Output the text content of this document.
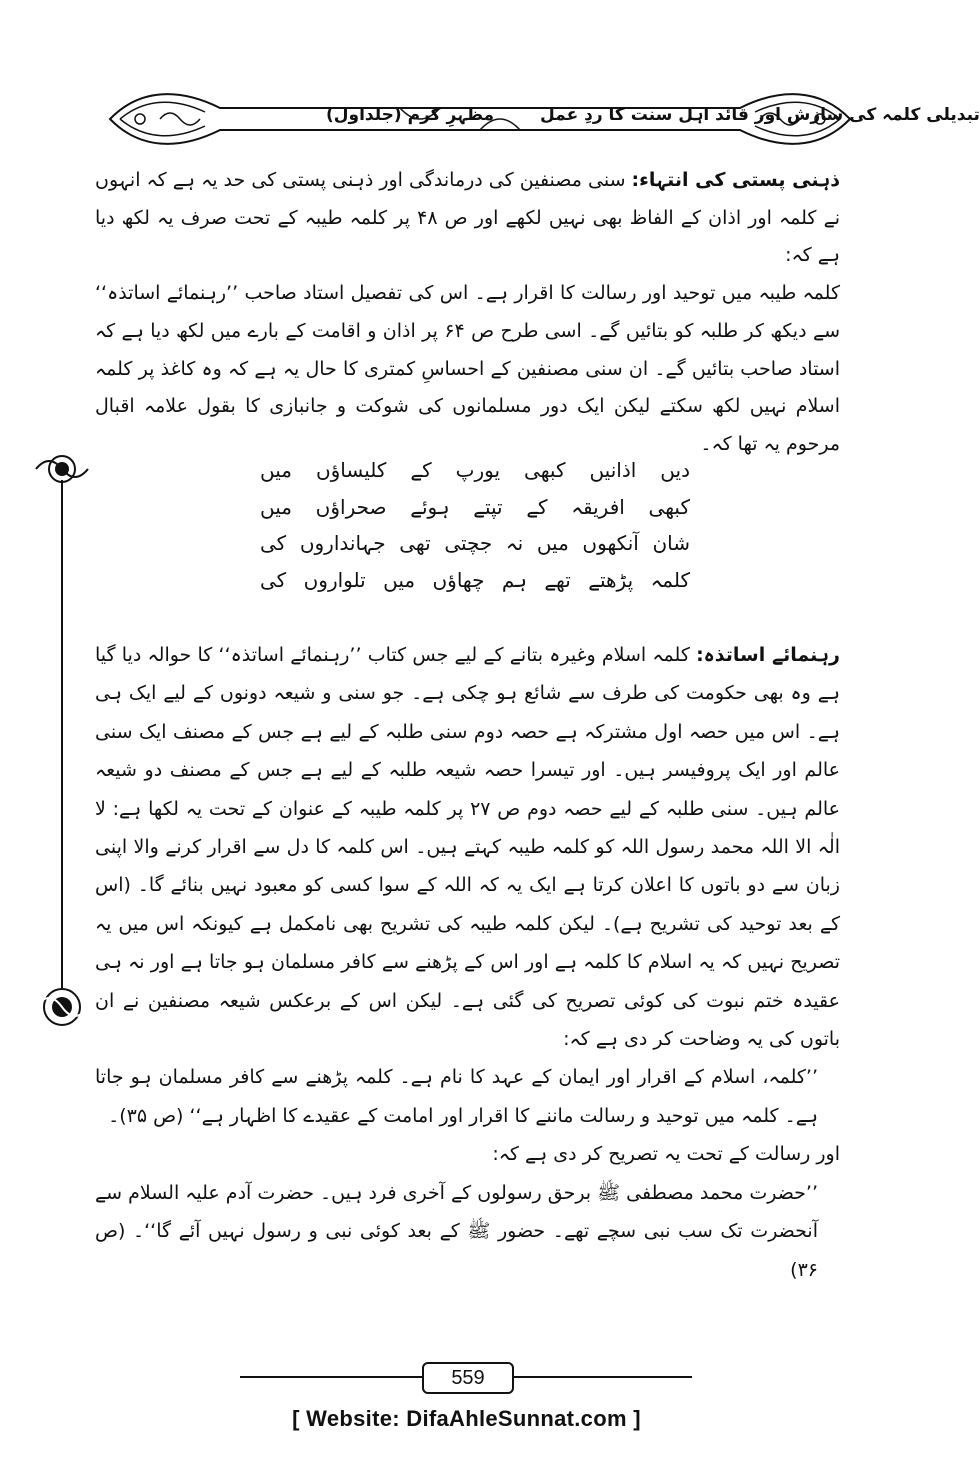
مظہرِ کرم (جلداول)	تبدیلی کلمہ کی سازش اور قائد اہل سنت کا ردِ عمل

ذہنی پستی کی انتہاء: سنی مصنفین کی درماندگی اور ذہنی پستی کی حد یہ ہے کہ انہوں نے کلمہ اور اذان کے الفاظ بھی نہیں لکھے اور ص ۴۸ پر کلمہ طیبہ کے تحت صرف یہ لکھ دیا ہے کہ:

کلمہ طیبہ میں توحید اور رسالت کا اقرار ہے۔ اس کی تفصیل استاد صاحب ’’رہنمائے اساتذہ‘‘ سے دیکھ کر طلبہ کو بتائیں گے۔ اسی طرح ص ۶۴ پر اذان و اقامت کے بارے میں لکھ دیا ہے کہ استاد صاحب بتائیں گے۔ ان سنی مصنفین کے احساسِ کمتری کا حال یہ ہے کہ وہ کاغذ پر کلمہ اسلام نہیں لکھ سکتے لیکن ایک دور مسلمانوں کی شوکت و جانبازی کا بقول علامہ اقبال مرحوم یہ تھا کہ۔

دیں اذانیں کبھی یورپ کے کلیساؤں میں
کبھی افریقہ کے تپتے ہوئے صحراؤں میں
شان آنکھوں میں نہ جچتی تھی جہانداروں کی
کلمہ پڑھتے تھے ہم چھاؤں میں تلواروں کی

رہنمائے اساتذہ: کلمہ اسلام وغیرہ بتانے کے لیے جس کتاب ’’رہنمائے اساتذہ‘‘ کا حوالہ دیا گیا ہے وہ بھی حکومت کی طرف سے شائع ہو چکی ہے۔ جو سنی و شیعہ دونوں کے لیے ایک ہی ہے۔ اس میں حصہ اول مشترکہ ہے حصہ دوم سنی طلبہ کے لیے ہے جس کے مصنف ایک سنی عالم اور ایک پروفیسر ہیں۔ اور تیسرا حصہ شیعہ طلبہ کے لیے ہے جس کے مصنف دو شیعہ عالم ہیں۔ سنی طلبہ کے لیے حصہ دوم ص ۲۷ پر کلمہ طیبہ کے عنوان کے تحت یہ لکھا ہے: لا الٰہ الا اللہ محمد رسول اللہ کو کلمہ طیبہ کہتے ہیں۔ اس کلمہ کا دل سے اقرار کرنے والا اپنی زبان سے دو باتوں کا اعلان کرتا ہے ایک یہ کہ اللہ کے سوا کسی کو معبود نہیں بنائے گا۔ (اس کے بعد توحید کی تشریح ہے)۔ لیکن کلمہ طیبہ کی تشریح بھی نامکمل ہے کیونکہ اس میں یہ تصریح نہیں کہ یہ اسلام کا کلمہ ہے اور اس کے پڑھنے سے کافر مسلمان ہو جاتا ہے اور نہ ہی عقیدہ ختم نبوت کی کوئی تصریح کی گئی ہے۔ لیکن اس کے برعکس شیعہ مصنفین نے ان باتوں کی یہ وضاحت کر دی ہے کہ:

’’کلمہ، اسلام کے اقرار اور ایمان کے عہد کا نام ہے۔ کلمہ پڑھنے سے کافر مسلمان ہو جاتا ہے۔ کلمہ میں توحید و رسالت ماننے کا اقرار اور امامت کے عقیدے کا اظہار ہے‘‘ (ص ۳۵)۔

اور رسالت کے تحت یہ تصریح کر دی ہے کہ:

’’حضرت محمد مصطفی ﷺ برحق رسولوں کے آخری فرد ہیں۔ حضرت آدم علیہ السلام سے آنحضرت تک سب نبی سچے تھے۔ حضور ﷺ کے بعد کوئی نبی و رسول نہیں آئے گا‘‘۔ (ص ۳۶)

559
[ Website: DifaAhleSunnat.com ]
